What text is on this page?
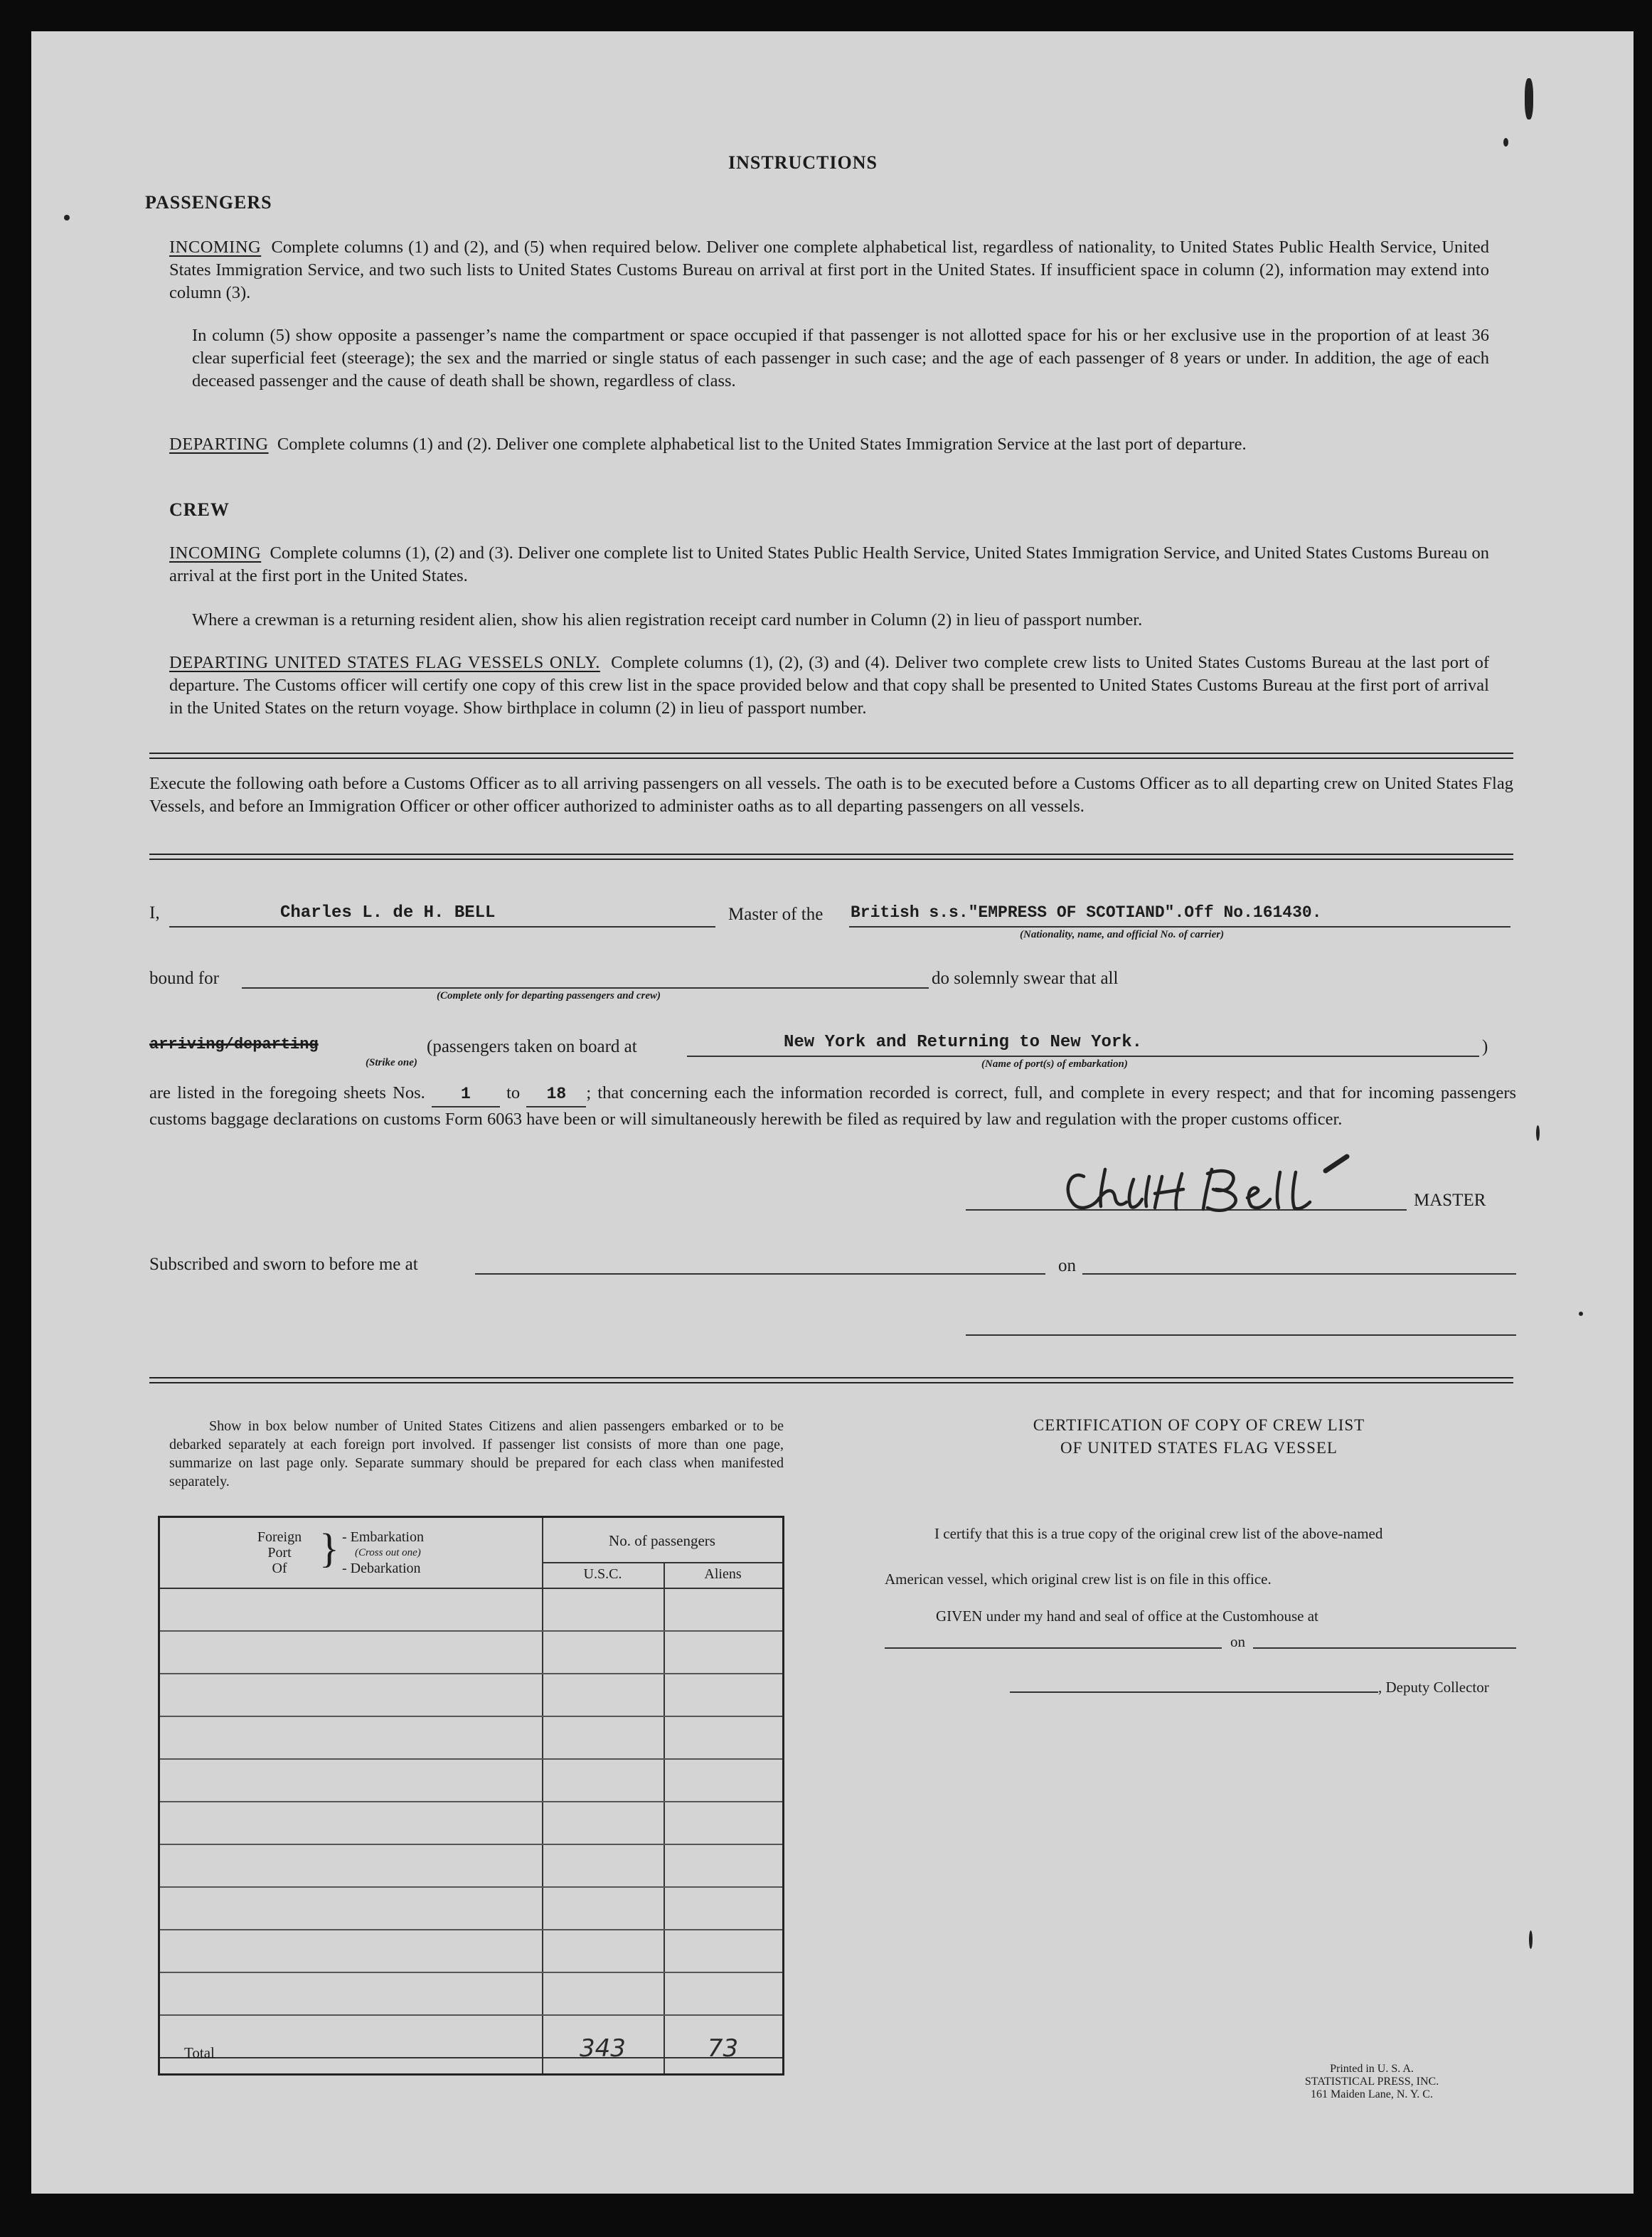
INSTRUCTIONS
PASSENGERS
INCOMING Complete columns (1) and (2), and (5) when required below. Deliver one complete alphabetical list, regardless of nationality, to United States Public Health Service, United States Immigration Service, and two such lists to United States Customs Bureau on arrival at first port in the United States. If insufficient space in column (2), information may extend into column (3).
In column (5) show opposite a passenger’s name the compartment or space occupied if that passenger is not allotted space for his or her exclusive use in the proportion of at least 36 clear superficial feet (steerage); the sex and the married or single status of each passenger in such case; and the age of each passenger of 8 years or under. In addition, the age of each deceased passenger and the cause of death shall be shown, regardless of class.
DEPARTING Complete columns (1) and (2). Deliver one complete alphabetical list to the United States Immigration Service at the last port of departure.
CREW
INCOMING Complete columns (1), (2) and (3). Deliver one complete list to United States Public Health Service, United States Immigration Service, and United States Customs Bureau on arrival at the first port in the United States.
Where a crewman is a returning resident alien, show his alien registration receipt card number in Column (2) in lieu of passport number.
DEPARTING UNITED STATES FLAG VESSELS ONLY. Complete columns (1), (2), (3) and (4). Deliver two complete crew lists to United States Customs Bureau at the last port of departure. The Customs officer will certify one copy of this crew list in the space provided below and that copy shall be presented to United States Customs Bureau at the first port of arrival in the United States on the return voyage. Show birthplace in column (2) in lieu of passport number.
Execute the following oath before a Customs Officer as to all arriving passengers on all vessels. The oath is to be executed before a Customs Officer as to all departing crew on United States Flag Vessels, and before an Immigration Officer or other officer authorized to administer oaths as to all departing passengers on all vessels.
I,	Charles L. de H. BELL	Master of the British s.s."EMPRESS OF SCOTIAND".Off No.161430.
(Nationality, name, and official No. of carrier)
bound for
(Complete only for departing passengers and crew)
do solemnly swear that all
arriving/departing
(Strike one)
(passengers taken on board at	New York and Returning to New York.
(Name of port(s) of embarkation)
)
are listed in the foregoing sheets Nos. 1 to 18 ; that concerning each the information recorded is correct, full, and complete in every respect; and that for incoming passengers customs baggage declarations on customs Form 6063 have been or will simultaneously herewith be filed as required by law and regulation with the proper customs officer.
MASTER
Subscribed and sworn to before me at	on
Show in box below number of United States Citizens and alien passengers embarked or to be debarked separately at each foreign port involved. If passenger list consists of more than one page, summarize on last page only. Separate summary should be prepared for each class when manifested separately.
Foreign
Port
Of } - Embarkation
(Cross out one)
- Debarkation
No. of passengers
U.S.C.	Aliens
Total	343	73
CERTIFICATION OF COPY OF CREW LIST
OF UNITED STATES FLAG VESSEL
I certify that this is a true copy of the original crew list of the above-named
American vessel, which original crew list is on file in this office.
GIVEN under my hand and seal of office at the Customhouse at
on
, Deputy Collector
Printed in U. S. A.
STATISTICAL PRESS, INC.
161 Maiden Lane, N. Y. C.
